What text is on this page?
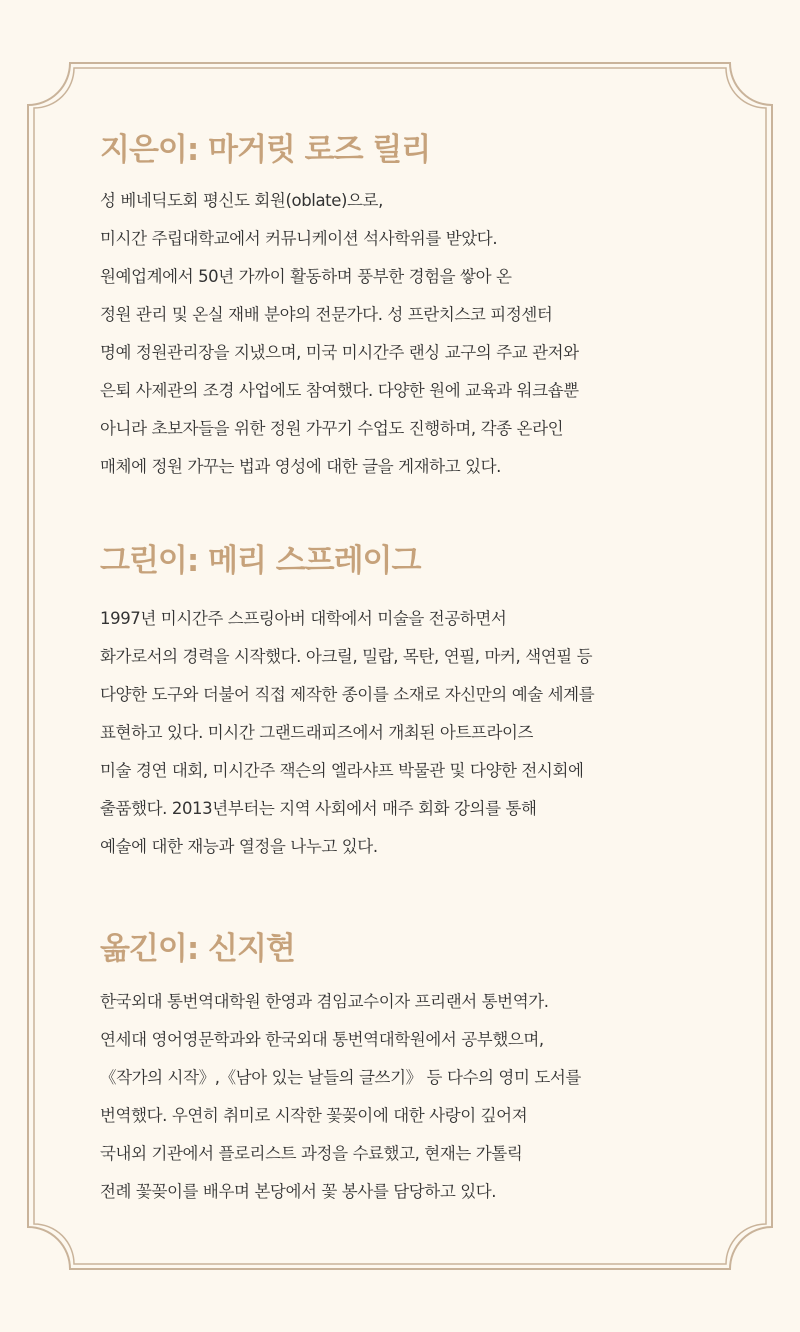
지은이: 마거릿 로즈 릴리
성 베네딕도회 평신도 회원(oblate)으로,
미시간 주립대학교에서 커뮤니케이션 석사학위를 받았다.
원예업계에서 50년 가까이 활동하며 풍부한 경험을 쌓아 온
정원 관리 및 온실 재배 분야의 전문가다. 성 프란치스코 피정센터
명예 정원관리장을 지냈으며, 미국 미시간주 랜싱 교구의 주교 관저와
은퇴 사제관의 조경 사업에도 참여했다. 다양한 원에 교육과 워크숍뿐
아니라 초보자들을 위한 정원 가꾸기 수업도 진행하며, 각종 온라인
매체에 정원 가꾸는 법과 영성에 대한 글을 게재하고 있다.
그린이: 메리 스프레이그
1997년 미시간주 스프링아버 대학에서 미술을 전공하면서
화가로서의 경력을 시작했다. 아크릴, 밀랍, 목탄, 연필, 마커, 색연필 등
다양한 도구와 더불어 직접 제작한 종이를 소재로 자신만의 예술 세계를
표현하고 있다. 미시간 그랜드래피즈에서 개최된 아트프라이즈
미술 경연 대회, 미시간주 잭슨의 엘라샤프 박물관 및 다양한 전시회에
출품했다. 2013년부터는 지역 사회에서 매주 회화 강의를 통해
예술에 대한 재능과 열정을 나누고 있다.
옮긴이: 신지현
한국외대 통번역대학원 한영과 겸임교수이자 프리랜서 통번역가.
연세대 영어영문학과와 한국외대 통번역대학원에서 공부했으며,
《작가의 시작》,《남아 있는 날들의 글쓰기》 등 다수의 영미 도서를
번역했다. 우연히 취미로 시작한 꽃꽂이에 대한 사랑이 깊어져
국내외 기관에서 플로리스트 과정을 수료했고, 현재는 가톨릭
전례 꽃꽂이를 배우며 본당에서 꽃 봉사를 담당하고 있다.
